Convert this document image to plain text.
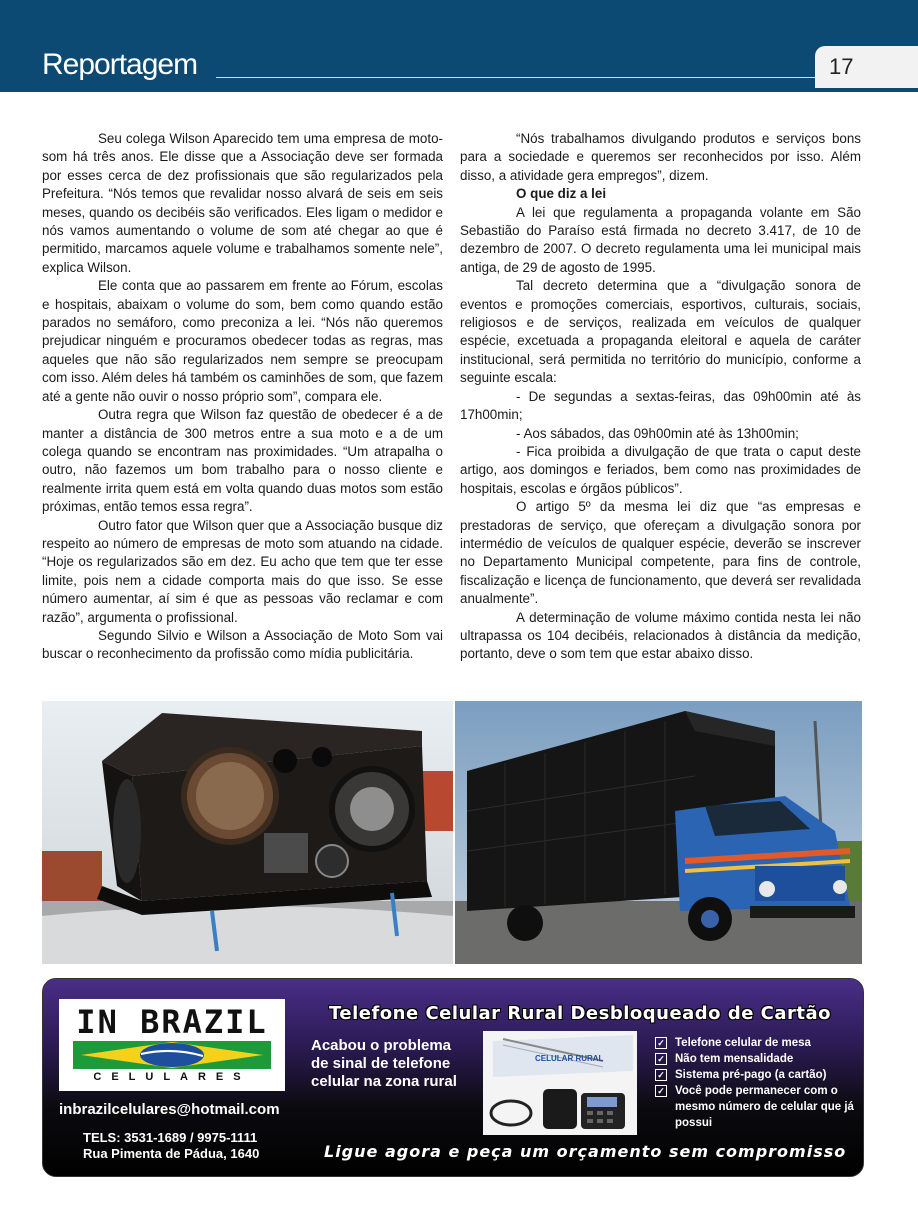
Reportagem	17

Seu colega Wilson Aparecido tem uma empresa de moto-som há três anos. Ele disse que a Associação deve ser formada por esses cerca de dez profissionais que são regularizados pela Prefeitura. “Nós temos que revalidar nosso alvará de seis em seis meses, quando os decibéis são verificados. Eles ligam o medidor e nós vamos aumentando o volume de som até chegar ao que é permitido, marcamos aquele volume e trabalhamos somente nele”, explica Wilson.

Ele conta que ao passarem em frente ao Fórum, escolas e hospitais, abaixam o volume do som, bem como quando estão parados no semáforo, como preconiza a lei. “Nós não queremos prejudicar ninguém e procuramos obedecer todas as regras, mas aqueles que não são regularizados nem sempre se preocupam com isso. Além deles há também os caminhões de som, que fazem até a gente não ouvir o nosso próprio som”, compara ele.

Outra regra que Wilson faz questão de obedecer é a de manter a distância de 300 metros entre a sua moto e a de um colega quando se encontram nas proximidades. “Um atrapalha o outro, não fazemos um bom trabalho para o nosso cliente e realmente irrita quem está em volta quando duas motos som estão próximas, então temos essa regra”.

Outro fator que Wilson quer que a Associação busque diz respeito ao número de empresas de moto som atuando na cidade. “Hoje os regularizados são em dez. Eu acho que tem que ter esse limite, pois nem a cidade comporta mais do que isso. Se esse número aumentar, aí sim é que as pessoas vão reclamar e com razão”, argumenta o profissional.

Segundo Silvio e Wilson a Associação de Moto Som vai buscar o reconhecimento da profissão como mídia publicitária.

“Nós trabalhamos divulgando produtos e serviços bons para a sociedade e queremos ser reconhecidos por isso. Além disso, a atividade gera empregos”, dizem.

O que diz a lei

A lei que regulamenta a propaganda volante em São Sebastião do Paraíso está firmada no decreto 3.417, de 10 de dezembro de 2007. O decreto regulamenta uma lei municipal mais antiga, de 29 de agosto de 1995.

Tal decreto determina que a “divulgação sonora de eventos e promoções comerciais, esportivos, culturais, sociais, religiosos e de serviços, realizada em veículos de qualquer espécie, excetuada a propaganda eleitoral e aquela de caráter institucional, será permitida no território do município, conforme a seguinte escala:

- De segundas a sextas-feiras, das 09h00min até às 17h00min;

- Aos sábados, das 09h00min até às 13h00min;

- Fica proibida a divulgação de que trata o caput deste artigo, aos domingos e feriados, bem como nas proximidades de hospitais, escolas e órgãos públicos”.

O artigo 5º da mesma lei diz que “as empresas e prestadoras de serviço, que ofereçam a divulgação sonora por intermédio de veículos de qualquer espécie, deverão se inscrever no Departamento Municipal competente, para fins de controle, fiscalização e licença de funcionamento, que deverá ser revalidada anualmente”.

A determinação de volume máximo contida nesta lei não ultrapassa os 104 decibéis, relacionados à distância da medição, portanto, deve o som tem que estar abaixo disso.

IN BRAZIL
CELULARES
inbrazilcelulares@hotmail.com
TELS: 3531-1689 / 9975-1111
Rua Pimenta de Pádua, 1640
Telefone Celular Rural Desbloqueado de Cartão
Acabou o problema de sinal de telefone celular na zona rural
CELULAR RURAL
✓ Telefone celular de mesa
✓ Não tem mensalidade
✓ Sistema pré-pago (a cartão)
✓ Você pode permanecer com o mesmo número de celular que já possui
Ligue agora e peça um orçamento sem compromisso
